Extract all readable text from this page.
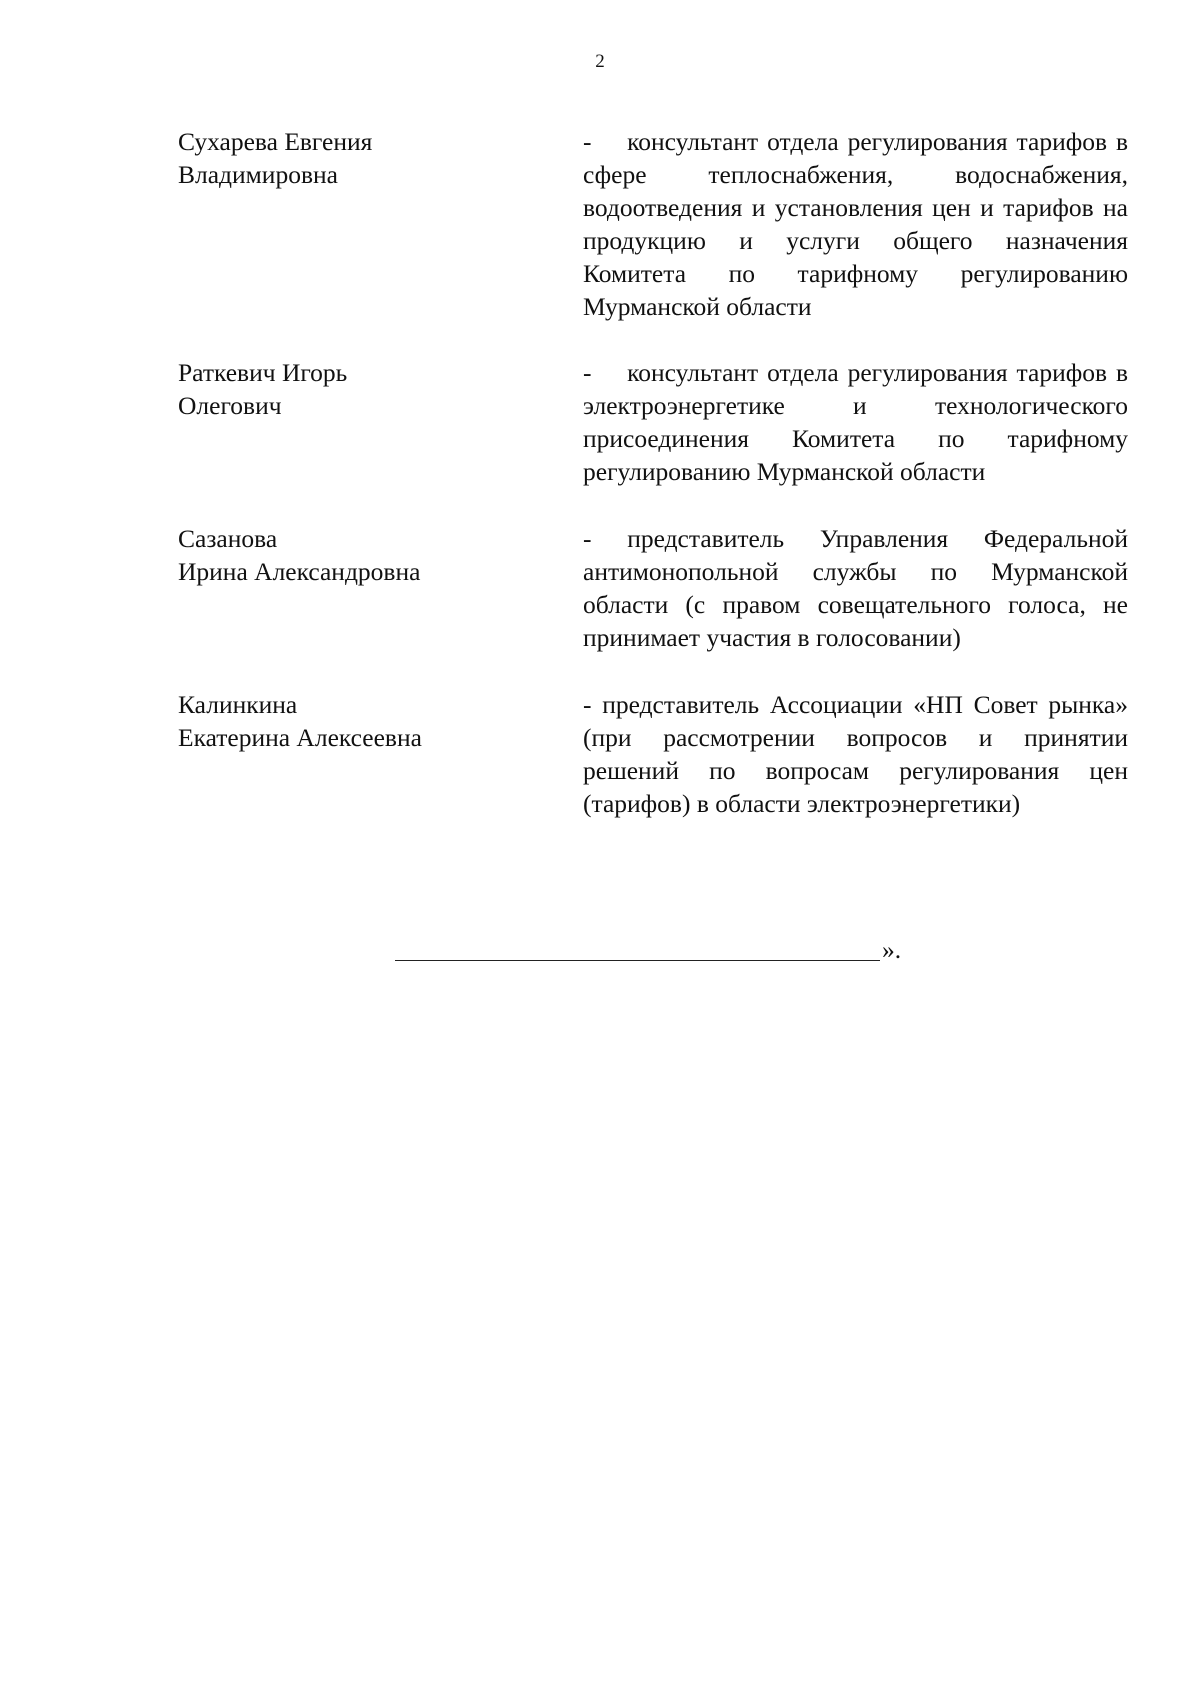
2
Сухарева Евгения
Владимировна
-    консультант отдела регулирования тарифов в сфере теплоснабжения, водоснабжения, водоотведения и установления цен и тарифов на продукцию и услуги общего назначения Комитета по тарифному регулированию Мурманской области
Раткевич Игорь
Олегович
-    консультант отдела регулирования тарифов в электроэнергетике и технологического присоединения Комитета по тарифному регулированию Мурманской области
Сазанова
Ирина Александровна
- представитель Управления Федеральной антимонопольной службы по Мурманской области (с правом совещательного голоса, не принимает участия в голосовании)
Калинкина
Екатерина Алексеевна
- представитель Ассоциации «НП Совет рынка» (при рассмотрении вопросов и принятии решений по вопросам регулирования цен (тарифов) в области электроэнергетики)
».
